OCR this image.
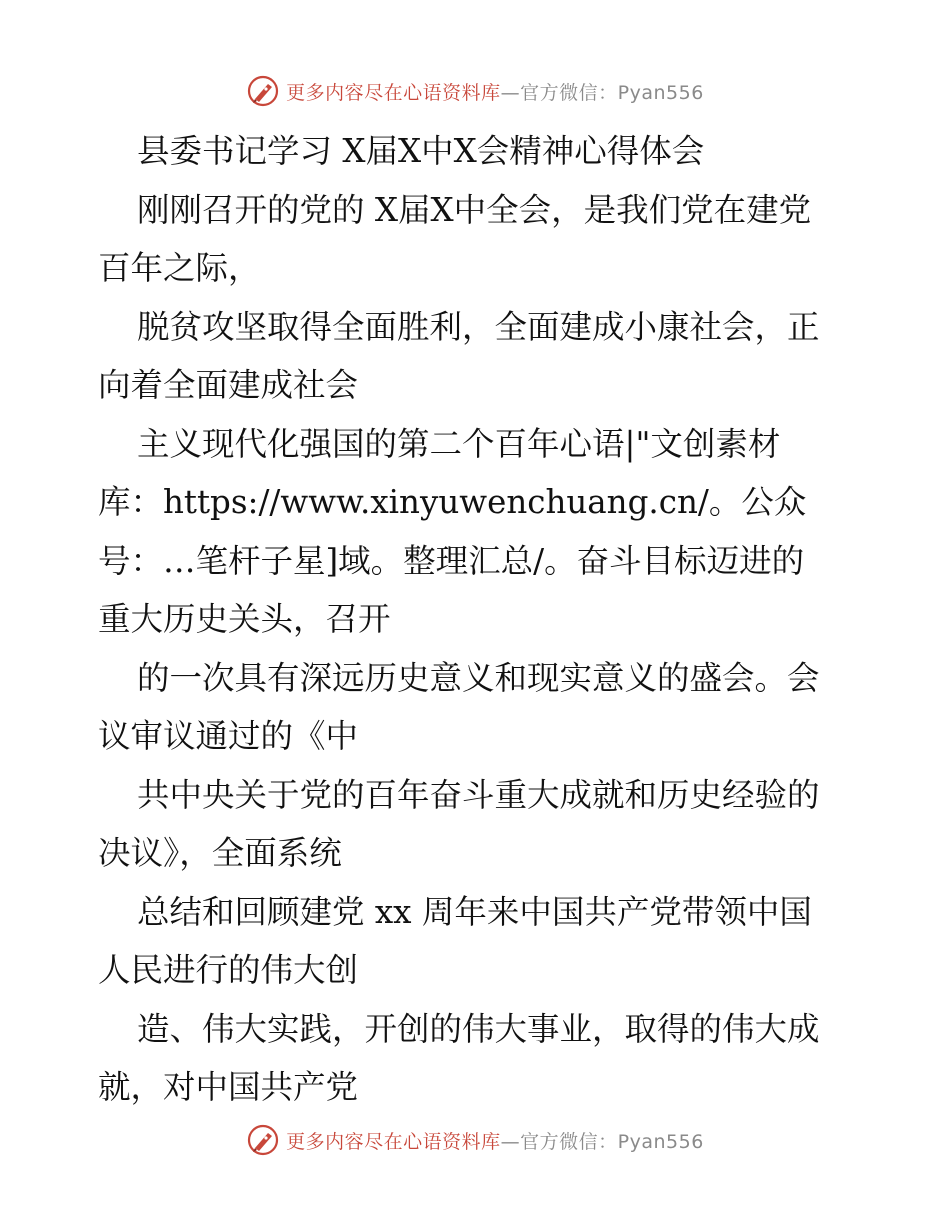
更多内容尽在心语资料库—官方微信：Pyan556
县委书记学习 X届X中X会精神心得体会
刚刚召开的党的 X届X中全会，是我们党在建党
百年之际，
脱贫攻坚取得全面胜利，全面建成小康社会，正
向着全面建成社会
主义现代化强国的第二个百年心语|"文创素材
库：https://www.xinyuwenchuang.cn/。公众
号：…笔杆子星]域。整理汇总/。奋斗目标迈进的
重大历史关头，召开
的一次具有深远历史意义和现实意义的盛会。会
议审议通过的《中
共中央关于党的百年奋斗重大成就和历史经验的
决议》，全面系统
总结和回顾建党 xx 周年来中国共产党带领中国
人民进行的伟大创
造、伟大实践，开创的伟大事业，取得的伟大成
就，对中国共产党
更多内容尽在心语资料库—官方微信：Pyan556
